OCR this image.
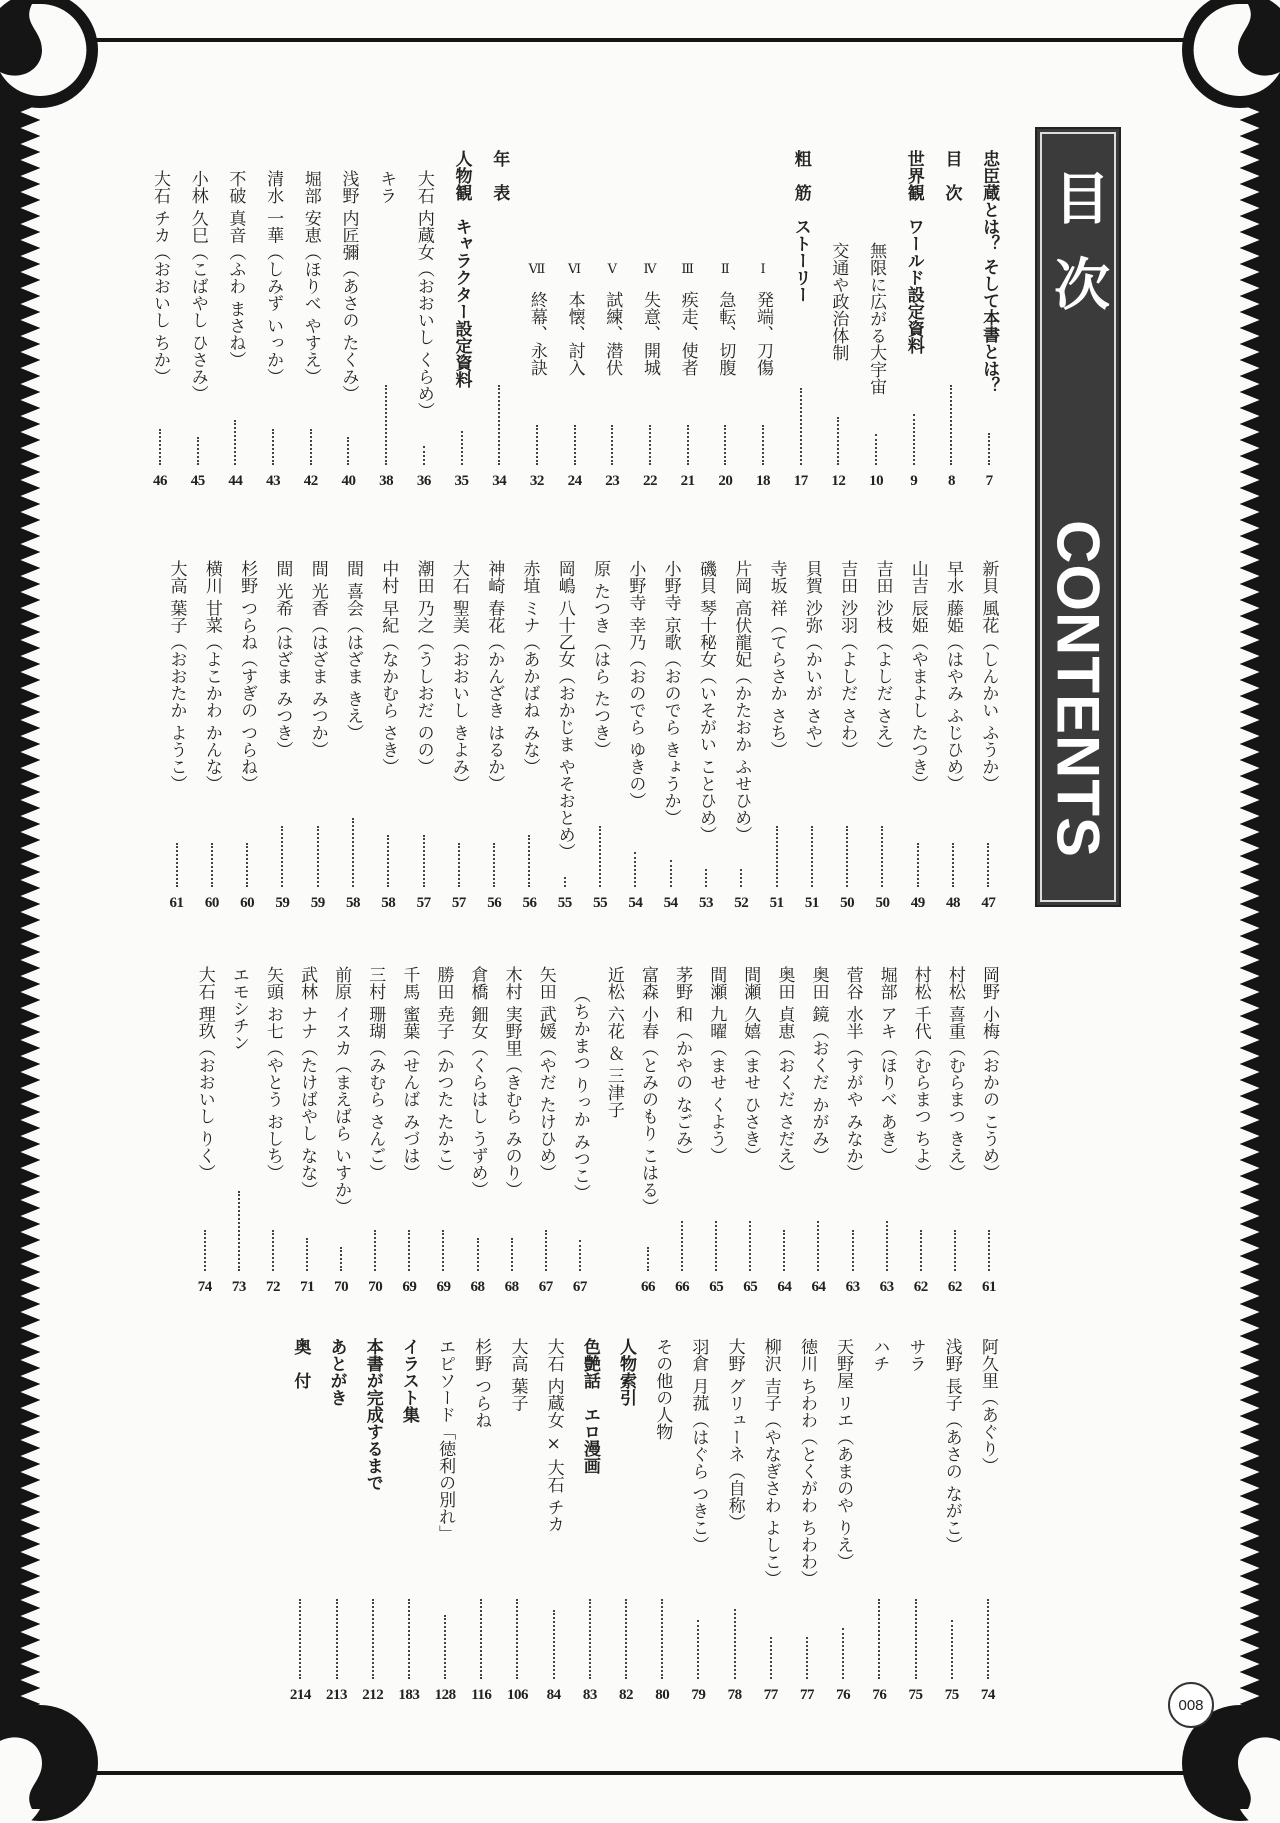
目次
CONTENTS
忠臣蔵とは？ そして本書とは？
7
目　次
8
世界観　ワールド設定資料
9
無限に広がる大宇宙
10
交通や政治体制
12
粗　筋　ストーリー
17
Ⅰ
発端、刀傷
18
Ⅱ
急転、切腹
20
Ⅲ
疾走、使者
21
Ⅳ
失意、開城
22
Ⅴ
試練、潜伏
23
Ⅵ
本懐、討入
24
Ⅶ
終幕、永訣
32
年　表
34
人物観　キャラクター設定資料
35
大石 内蔵女（おおいし くらめ）
36
キラ
38
浅野 内匠彌（あさの たくみ）
40
堀部 安恵（ほりべ やすえ）
42
清水 一華（しみず いっか）
43
不破 真音（ふわ まさね）
44
小林 久巳（こばやし ひさみ）
45
大石 チカ（おおいし ちか）
46
新貝 風花（しんかい ふうか）
47
早水 藤姫（はやみ ふじひめ）
48
山吉 辰姫（やまよし たつき）
49
吉田 沙枝（よしだ さえ）
50
吉田 沙羽（よしだ さわ）
50
貝賀 沙弥（かいが さや）
51
寺坂 祥（てらさか さち）
51
片岡 高伏龍妃（かたおか ふせひめ）
52
磯貝 琴十秘女（いそがい ことひめ）
53
小野寺 京歌（おのでら きょうか）
54
小野寺 幸乃（おのでら ゆきの）
54
原 たつき（はら たつき）
55
岡嶋 八十乙女（おかじま やそおとめ）
55
赤埴 ミナ（あかばね みな）
56
神崎 春花（かんざき はるか）
56
大石 聖美（おおいし きよみ）
57
潮田 乃之（うしおだ のの）
57
中村 早紀（なかむら さき）
58
間 喜会（はざま きえ）
58
間 光香（はざま みつか）
59
間 光希（はざま みつき）
59
杉野 つらね（すぎの つらね）
60
横川 甘菜（よこかわ かんな）
60
大高 葉子（おおたか ようこ）
61
岡野 小梅（おかの こうめ）
61
村松 喜重（むらまつ きえ）
62
村松 千代（むらまつ ちよ）
62
堀部 アキ（ほりべ あき）
63
菅谷 水半（すがや みなか）
63
奥田 鏡（おくだ かがみ）
64
奥田 貞恵（おくだ さだえ）
64
間瀬 久嬉（ませ ひさき）
65
間瀬 九曜（ませ くよう）
65
茅野 和（かやの なごみ）
66
富森 小春（とみのもり こはる）
66
近松 六花 ＆ 三津子
（ちかまつ りっか みつこ）
67
矢田 武媛（やだ たけひめ）
67
木村 実野里（きむら みのり）
68
倉橋 鈿女（くらはし うずめ）
68
勝田 尭子（かつた たかこ）
69
千馬 蜜葉（せんば みづは）
69
三村 珊瑚（みむら さんご）
70
前原 イスカ（まえばら いすか）
70
武林 ナナ（たけばやし なな）
71
矢頭 お七（やとう おしち）
72
エモシチン
73
大石 理玖（おおいし りく）
74
阿久里（あぐり）
74
浅野 長子（あさの ながこ）
75
サラ
75
ハチ
76
天野屋 リエ（あまのや りえ）
76
徳川 ちわわ（とくがわ ちわわ）
77
柳沢 吉子（やなぎさわ よしこ）
77
大野 グリューネ（自称）
78
羽倉 月菰（はぐら つきこ）
79
その他の人物
80
人物索引
82
色艶話　エロ漫画
83
大石 内蔵女 × 大石 チカ
84
大高 葉子
106
杉野 つらね
116
エピソード「徳利の別れ」
128
イラスト集
183
本書が完成するまで
212
あとがき
213
奥　付
214
008
